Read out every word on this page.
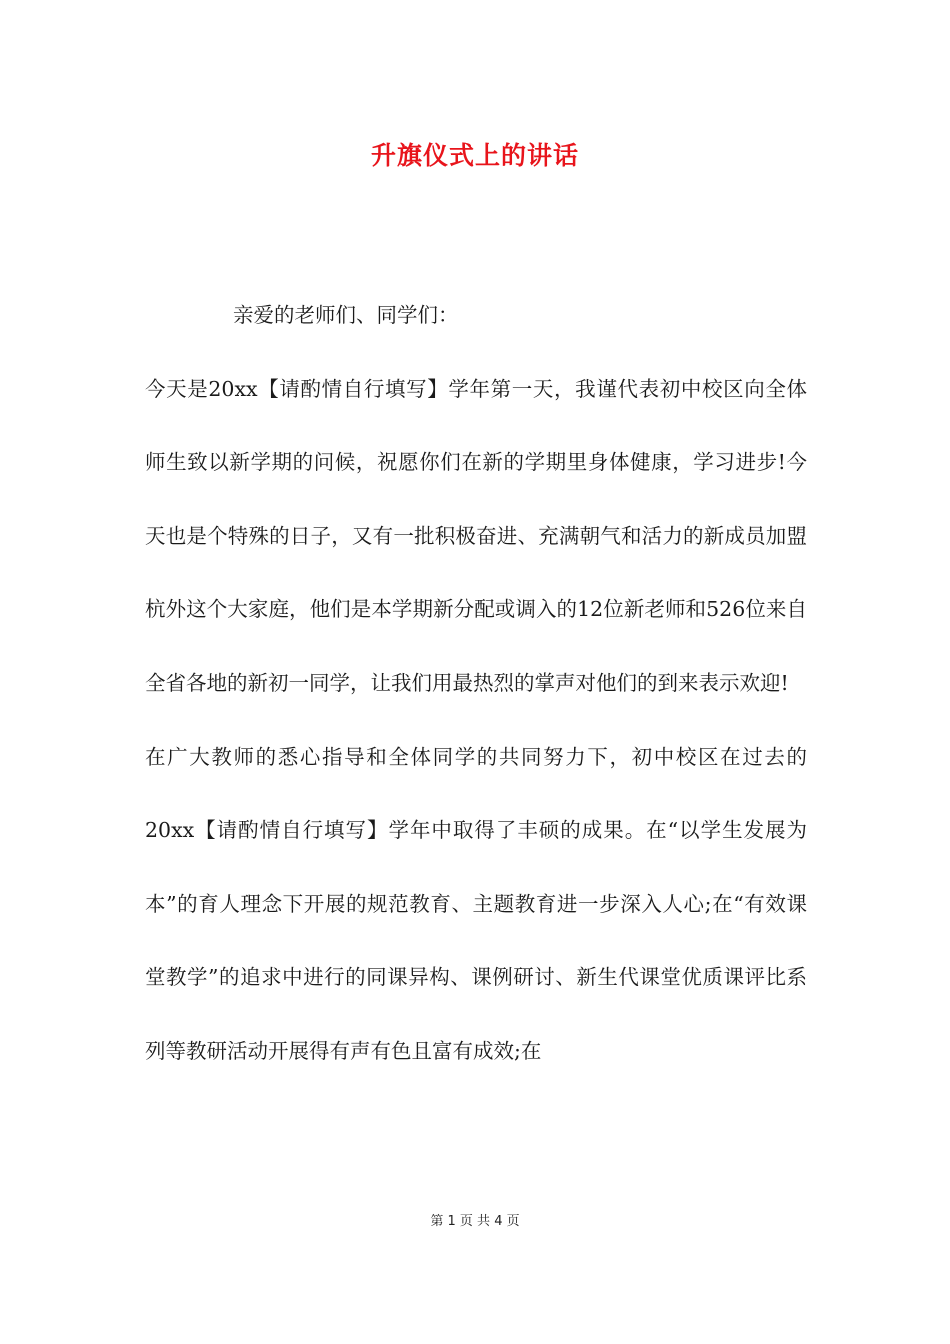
升旗仪式上的讲话

亲爱的老师们、同学们：

今天是20xx【请酌情自行填写】学年第一天，我谨代表初中校区向全体师生致以新学期的问候，祝愿你们在新的学期里身体健康，学习进步!今天也是个特殊的日子，又有一批积极奋进、充满朝气和活力的新成员加盟杭外这个大家庭，他们是本学期新分配或调入的12位新老师和526位来自全省各地的新初一同学，让我们用最热烈的掌声对他们的到来表示欢迎!

在广大教师的悉心指导和全体同学的共同努力下，初中校区在过去的20xx【请酌情自行填写】学年中取得了丰硕的成果。在“以学生发展为本”的育人理念下开展的规范教育、主题教育进一步深入人心;在“有效课堂教学”的追求中进行的同课异构、课例研讨、新生代课堂优质课评比系列等教研活动开展得有声有色且富有成效;在

第 1 页 共 4 页
